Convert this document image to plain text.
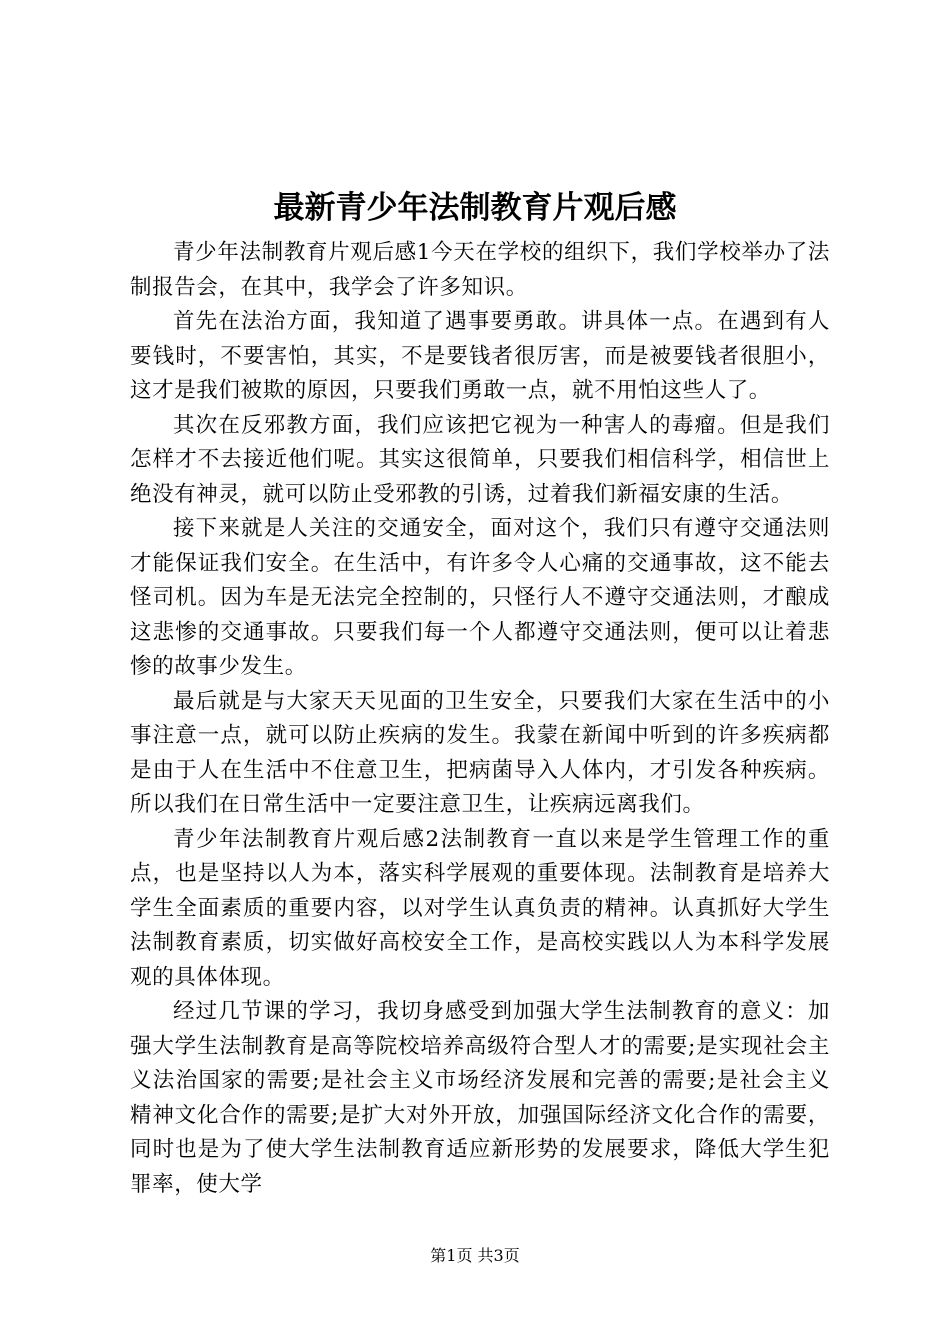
最新青少年法制教育片观后感

青少年法制教育片观后感1今天在学校的组织下，我们学校举办了法制报告会，在其中，我学会了许多知识。

首先在法治方面，我知道了遇事要勇敢。讲具体一点。在遇到有人要钱时，不要害怕，其实，不是要钱者很厉害，而是被要钱者很胆小，这才是我们被欺的原因，只要我们勇敢一点，就不用怕这些人了。

其次在反邪教方面，我们应该把它视为一种害人的毒瘤。但是我们怎样才不去接近他们呢。其实这很简单，只要我们相信科学，相信世上绝没有神灵，就可以防止受邪教的引诱，过着我们新福安康的生活。

接下来就是人关注的交通安全，面对这个，我们只有遵守交通法则才能保证我们安全。在生活中，有许多令人心痛的交通事故，这不能去怪司机。因为车是无法完全控制的，只怪行人不遵守交通法则，才酿成这悲惨的交通事故。只要我们每一个人都遵守交通法则，便可以让着悲惨的故事少发生。

最后就是与大家天天见面的卫生安全，只要我们大家在生活中的小事注意一点，就可以防止疾病的发生。我蒙在新闻中听到的许多疾病都是由于人在生活中不住意卫生，把病菌导入人体内，才引发各种疾病。所以我们在日常生活中一定要注意卫生，让疾病远离我们。

青少年法制教育片观后感2法制教育一直以来是学生管理工作的重点，也是坚持以人为本，落实科学展观的重要体现。法制教育是培养大学生全面素质的重要内容，以对学生认真负责的精神。认真抓好大学生法制教育素质，切实做好高校安全工作，是高校实践以人为本科学发展观的具体体现。

经过几节课的学习，我切身感受到加强大学生法制教育的意义：加强大学生法制教育是高等院校培养高级符合型人才的需要;是实现社会主义法治国家的需要;是社会主义市场经济发展和完善的需要;是社会主义精神文化合作的需要;是扩大对外开放，加强国际经济文化合作的需要，同时也是为了使大学生法制教育适应新形势的发展要求，降低大学生犯罪率，使大学

第1页 共3页
